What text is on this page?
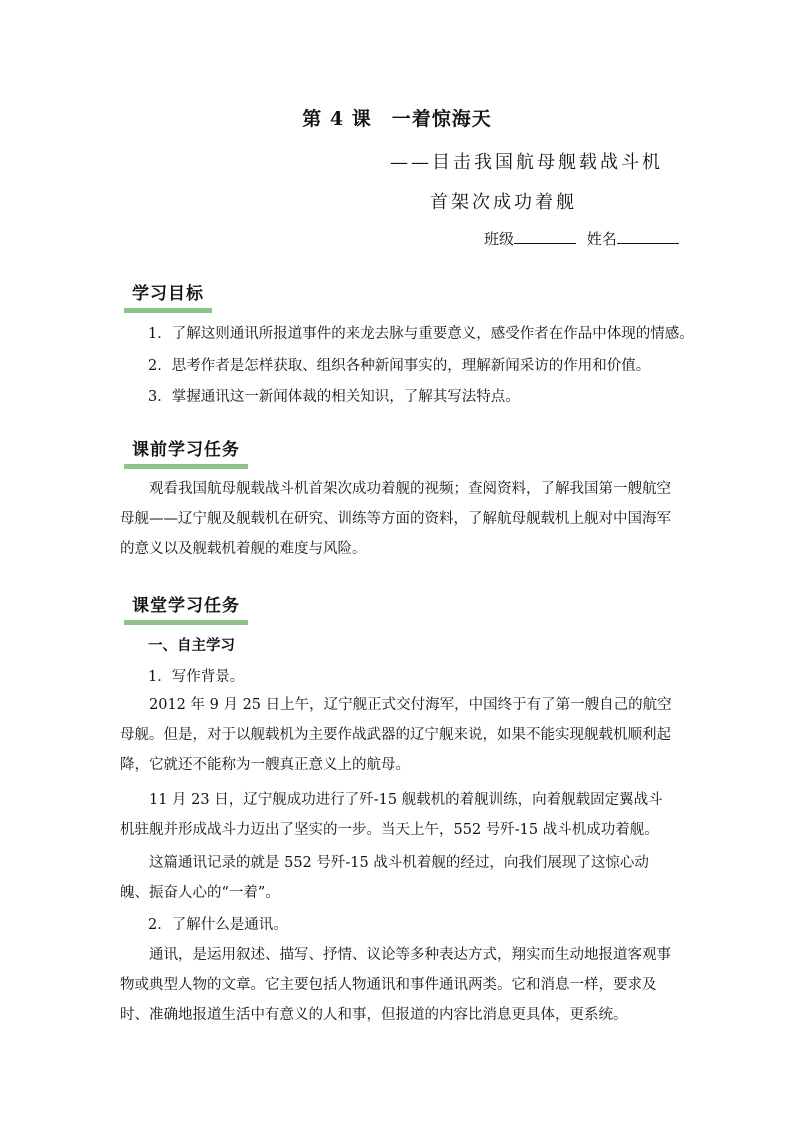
第 4 课　一着惊海天
——目击我国航母舰载战斗机
首架次成功着舰
班级	姓名
学习目标
1．了解这则通讯所报道事件的来龙去脉与重要意义，感受作者在作品中体现的情感。
2．思考作者是怎样获取、组织各种新闻事实的，理解新闻采访的作用和价值。
3．掌握通讯这一新闻体裁的相关知识，了解其写法特点。
课前学习任务
观看我国航母舰载战斗机首架次成功着舰的视频；查阅资料，了解我国第一艘航空母舰——辽宁舰及舰载机在研究、训练等方面的资料，了解航母舰载机上舰对中国海军的意义以及舰载机着舰的难度与风险。
课堂学习任务
一、自主学习
1．写作背景。
2012 年 9 月 25 日上午，辽宁舰正式交付海军，中国终于有了第一艘自己的航空母舰。但是，对于以舰载机为主要作战武器的辽宁舰来说，如果不能实现舰载机顺利起降，它就还不能称为一艘真正意义上的航母。
11 月 23 日，辽宁舰成功进行了歼-15 舰载机的着舰训练，向着舰载固定翼战斗机驻舰并形成战斗力迈出了坚实的一步。当天上午，552 号歼-15 战斗机成功着舰。
这篇通讯记录的就是 552 号歼-15 战斗机着舰的经过，向我们展现了这惊心动魄、振奋人心的“一着”。
2．了解什么是通讯。
通讯，是运用叙述、描写、抒情、议论等多种表达方式，翔实而生动地报道客观事物或典型人物的文章。它主要包括人物通讯和事件通讯两类。它和消息一样，要求及时、准确地报道生活中有意义的人和事，但报道的内容比消息更具体，更系统。
